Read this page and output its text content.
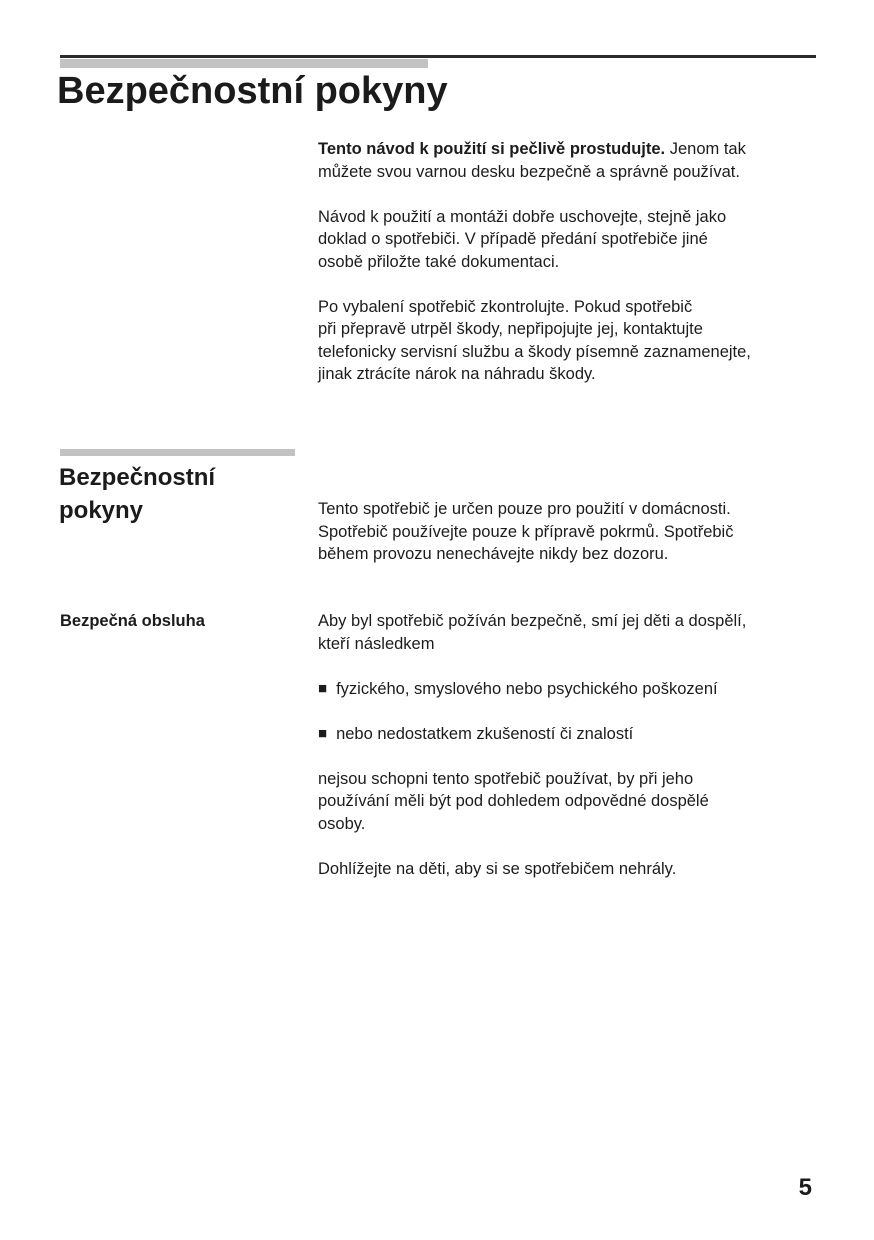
Bezpečnostní pokyny

Tento návod k použití si pečlivě prostudujte. Jenom tak
můžete svou varnou desku bezpečně a správně používat.

Návod k použití a montáži dobře uschovejte, stejně jako
doklad o spotřebiči. V případě předání spotřebiče jiné
osobě přiložte také dokumentaci.

Po vybalení spotřebič zkontrolujte. Pokud spotřebič
při přepravě utrpěl škody, nepřipojujte jej, kontaktujte
telefonicky servisní službu a škody písemně zaznamenejte,
jinak ztrácíte nárok na náhradu škody.

Bezpečnostní
pokyny	Tento spotřebič je určen pouze pro použití v domácnosti.
Spotřebič používejte pouze k přípravě pokrmů. Spotřebič
během provozu nenechávejte nikdy bez dozoru.

Bezpečná obsluha	Aby byl spotřebič požíván bezpečně, smí jej děti a dospělí,
kteří následkem

■ fyzického, smyslového nebo psychického poškození
■ nebo nedostatkem zkušeností či znalostí

nejsou schopni tento spotřebič používat, by při jeho
používání měli být pod dohledem odpovědné dospělé
osoby.

Dohlížejte na děti, aby si se spotřebičem nehrály.

5
